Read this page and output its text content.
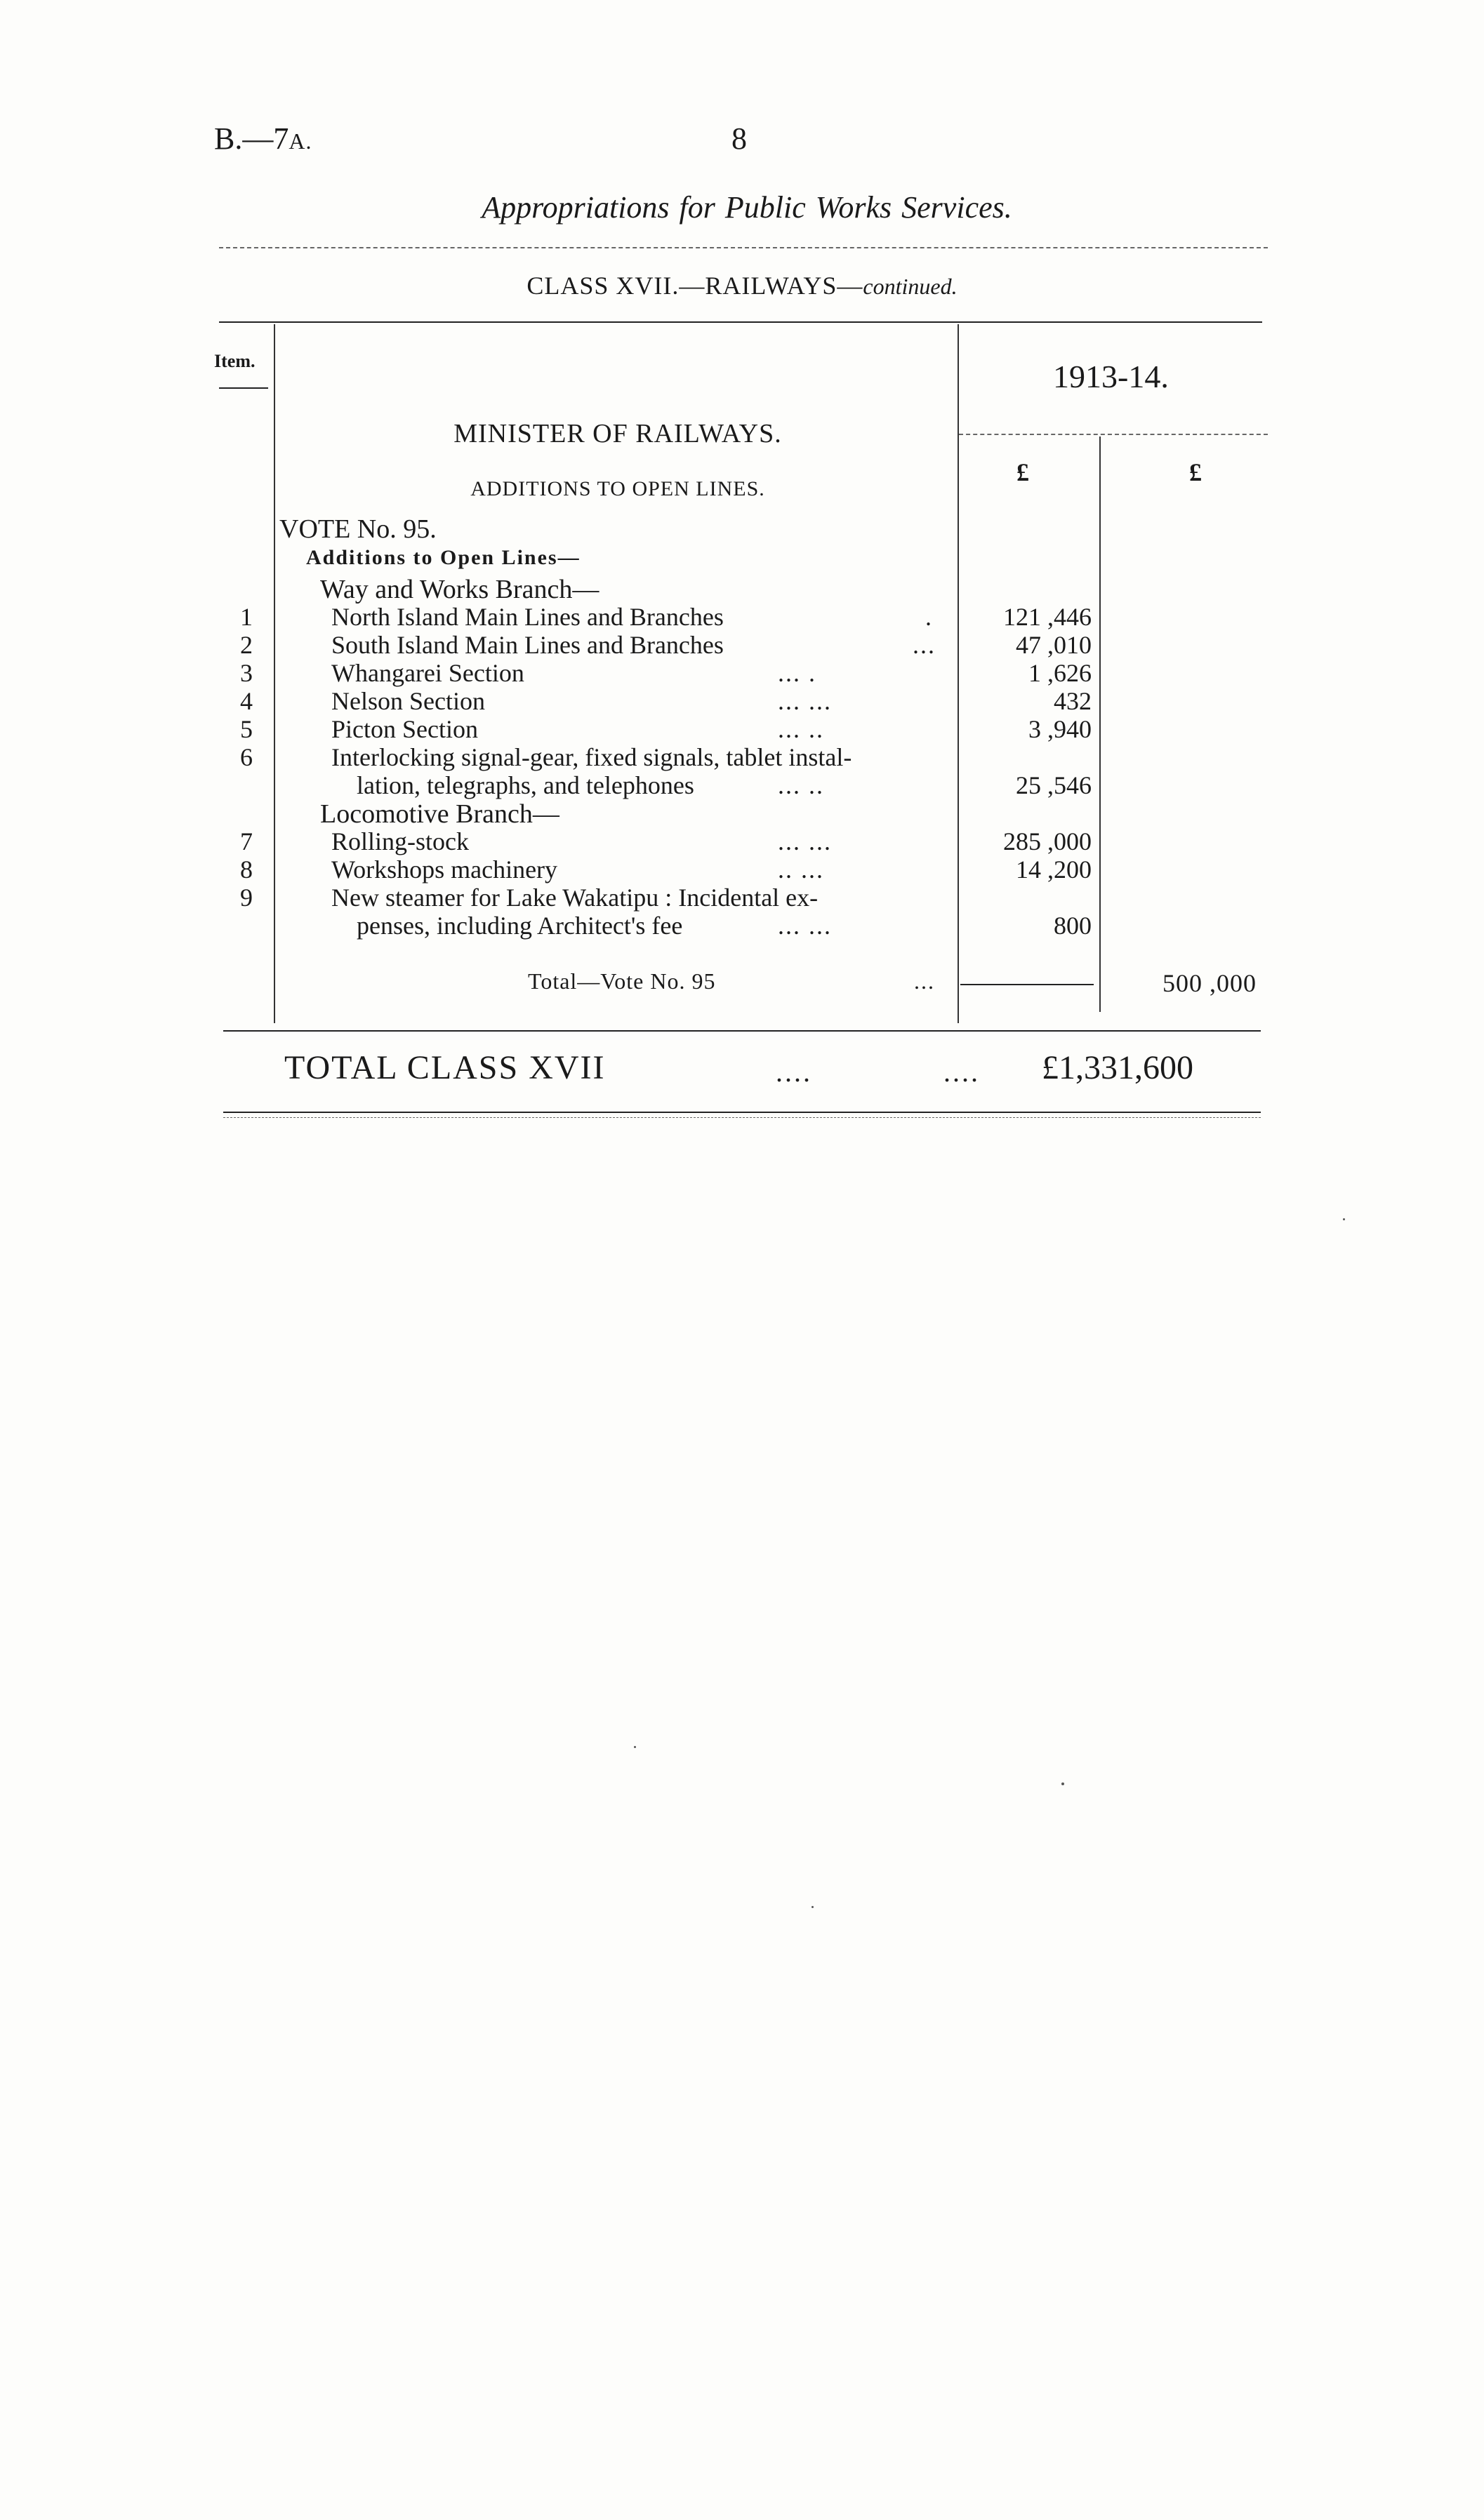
B.—7A.	8
Appropriations for Public Works Services.
CLASS XVII.—RAILWAYS—continued.
Item.	1913-14.
MINISTER OF RAILWAYS.
ADDITIONS TO OPEN LINES.
£	£
VOTE No. 95.
Additions to Open Lines—
Way and Works Branch—
1	North Island Main Lines and Branches	.	121 ,446
2	South Island Main Lines and Branches	...	47 ,010
3	Whangarei Section	... .	1 ,626
4	Nelson Section	... ...	432
5	Picton Section	... ..	3 ,940
6	Interlocking signal-gear, fixed signals, tablet instal-
lation, telegraphs, and telephones	... ..	25 ,546
Locomotive Branch—
7	Rolling-stock	... ...	285 ,000
8	Workshops machinery	.. ...	14 ,200
9	New steamer for Lake Wakatipu : Incidental ex-
penses, including Architect's fee	... ...	800
Total—Vote No. 95	...	500 ,000
TOTAL CLASS XVII	....	.... £1,331,600
